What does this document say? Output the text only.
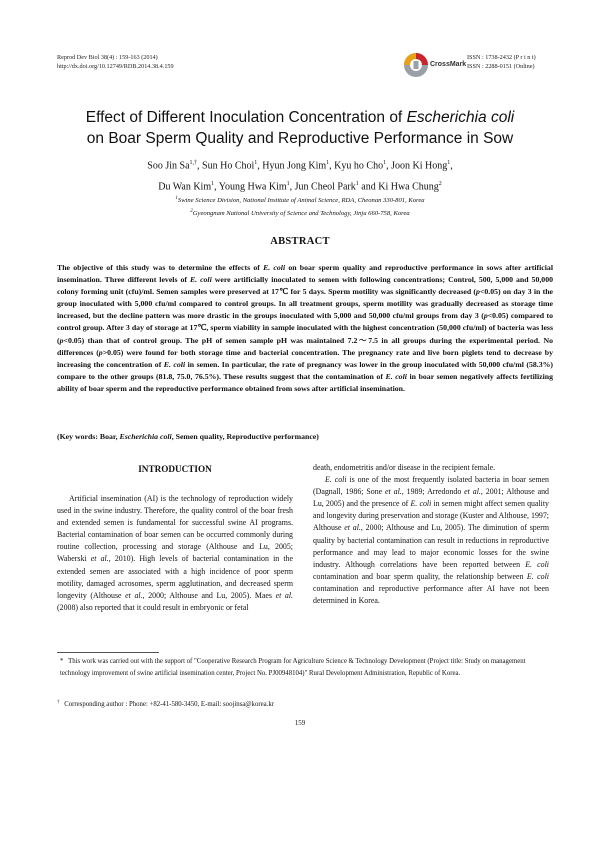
Reprod Dev Biol 38(4) : 159-163 (2014)
http://dx.doi.org/10.12749/RDB.2014.38.4.159	CrossMark
ISSN : 1738-2432 (P r i n t)
ISSN : 2288-0151 (Online)
Effect of Different Inoculation Concentration of Escherichia coli
on Boar Sperm Quality and Reproductive Performance in Sow
Soo Jin $Sa^{1,\dagger}$, Sun Ho Choi$^1$, Hyun Jong Kim$^1$, Kyu ho Cho$^1$, Joon Ki Hong$^1$,
Du Wan Kim$^1$, Young Hwa Kim$^1$, Jun Cheol Park$^1$ and Ki Hwa Chung$^2$
$^1$Swine Science Division, National Institute of Animal Science, RDA, Cheonan 330-801, Korea
$^2$Gyeongnam National University of Science and Technology, Jinju 660-758, Korea
ABSTRACT
The objective of this study was to determine the effects of E. coli on boar sperm quality and reproductive performance in sows after artificial insemination. Three different levels of E. coli were artificially inoculated to semen with following concentrations; Control, 500, 5,000 and 50,000 colony forming unit (cfu)/ml. Semen samples were preserved at 17℃ for 5 days. Sperm motility was significantly decreased (p<0.05) on day 3 in the group inoculated with 5,000 cfu/ml compared to control groups. In all treatment groups, sperm motility was gradually decreased as storage time increased, but the decline pattern was more drastic in the groups inoculated with 5,000 and 50,000 cfu/ml groups from day 3 (p<0.05) compared to control group. After 3 day of storage at 17℃, sperm viability in sample inoculated with the highest concentration (50,000 cfu/ml) of bacteria was less (p<0.05) than that of control group. The pH of semen sample pH was maintained 7.2～7.5 in all groups during the experimental period. No differences (p>0.05) were found for both storage time and bacterial concentration. The pregnancy rate and live born piglets tend to decrease by increasing the concentration of E. coli in semen. In particular, the rate of pregnancy was lower in the group inoculated with 50,000 cfu/ml (58.3%) compare to the other groups (81.8, 75.0, 76.5%). These results suggest that the contamination of E. coli in boar semen negatively affects fertilizing ability of boar sperm and the reproductive performance obtained from sows after artificial insemination.
(Key words: Boar, Escherichia coli, Semen quality, Reproductive performance)
INTRODUCTION

Artificial insemination (AI) is the technology of reproduction widely used in the swine industry. Therefore, the quality control of the boar fresh and extended semen is fundamental for successful swine AI programs. Bacterial contamination of boar semen can be occurred commonly during routine collection, processing and storage (Althouse and Lu, 2005; Waberski et al., 2010). High levels of bacterial contamination in the extended semen are associated with a high incidence of poor sperm motility, damaged acrosomes, sperm agglutination, and decreased sperm longevity (Althouse et al., 2000; Althouse and Lu, 2005). Maes et al. (2008) also reported that it could result in embryonic or fetal

death, endometritis and/or disease in the recipient female.

E. coli is one of the most frequently isolated bacteria in boar semen (Dagnall, 1986; Sone et al., 1989; Arredondo et al., 2001; Althouse and Lu, 2005) and the presence of E. coli in semen might affect semen quality and longevity during preservation and storage (Kuster and Althouse, 1997; Althouse et al., 2000; Althouse and Lu, 2005). The diminution of sperm quality by bacterial contamination can result in reductions in reproductive performance and may lead to major economic losses for the swine industry. Although correlations have been reported between E. coli contamination and boar sperm quality, the relationship between E. coli contamination and reproductive performance after AI have not been determined in Korea.

* This work was carried out with the support of "Cooperative Research Program for Agriculture Science & Technology Development (Project title: Study on management technology improvement of swine artificial insemination center, Project No. PJ00948104)" Rural Development Administration, Republic of Korea.
† Corresponding author : Phone: +82-41-580-3450, E-mail: soojinsa@korea.kr
159
